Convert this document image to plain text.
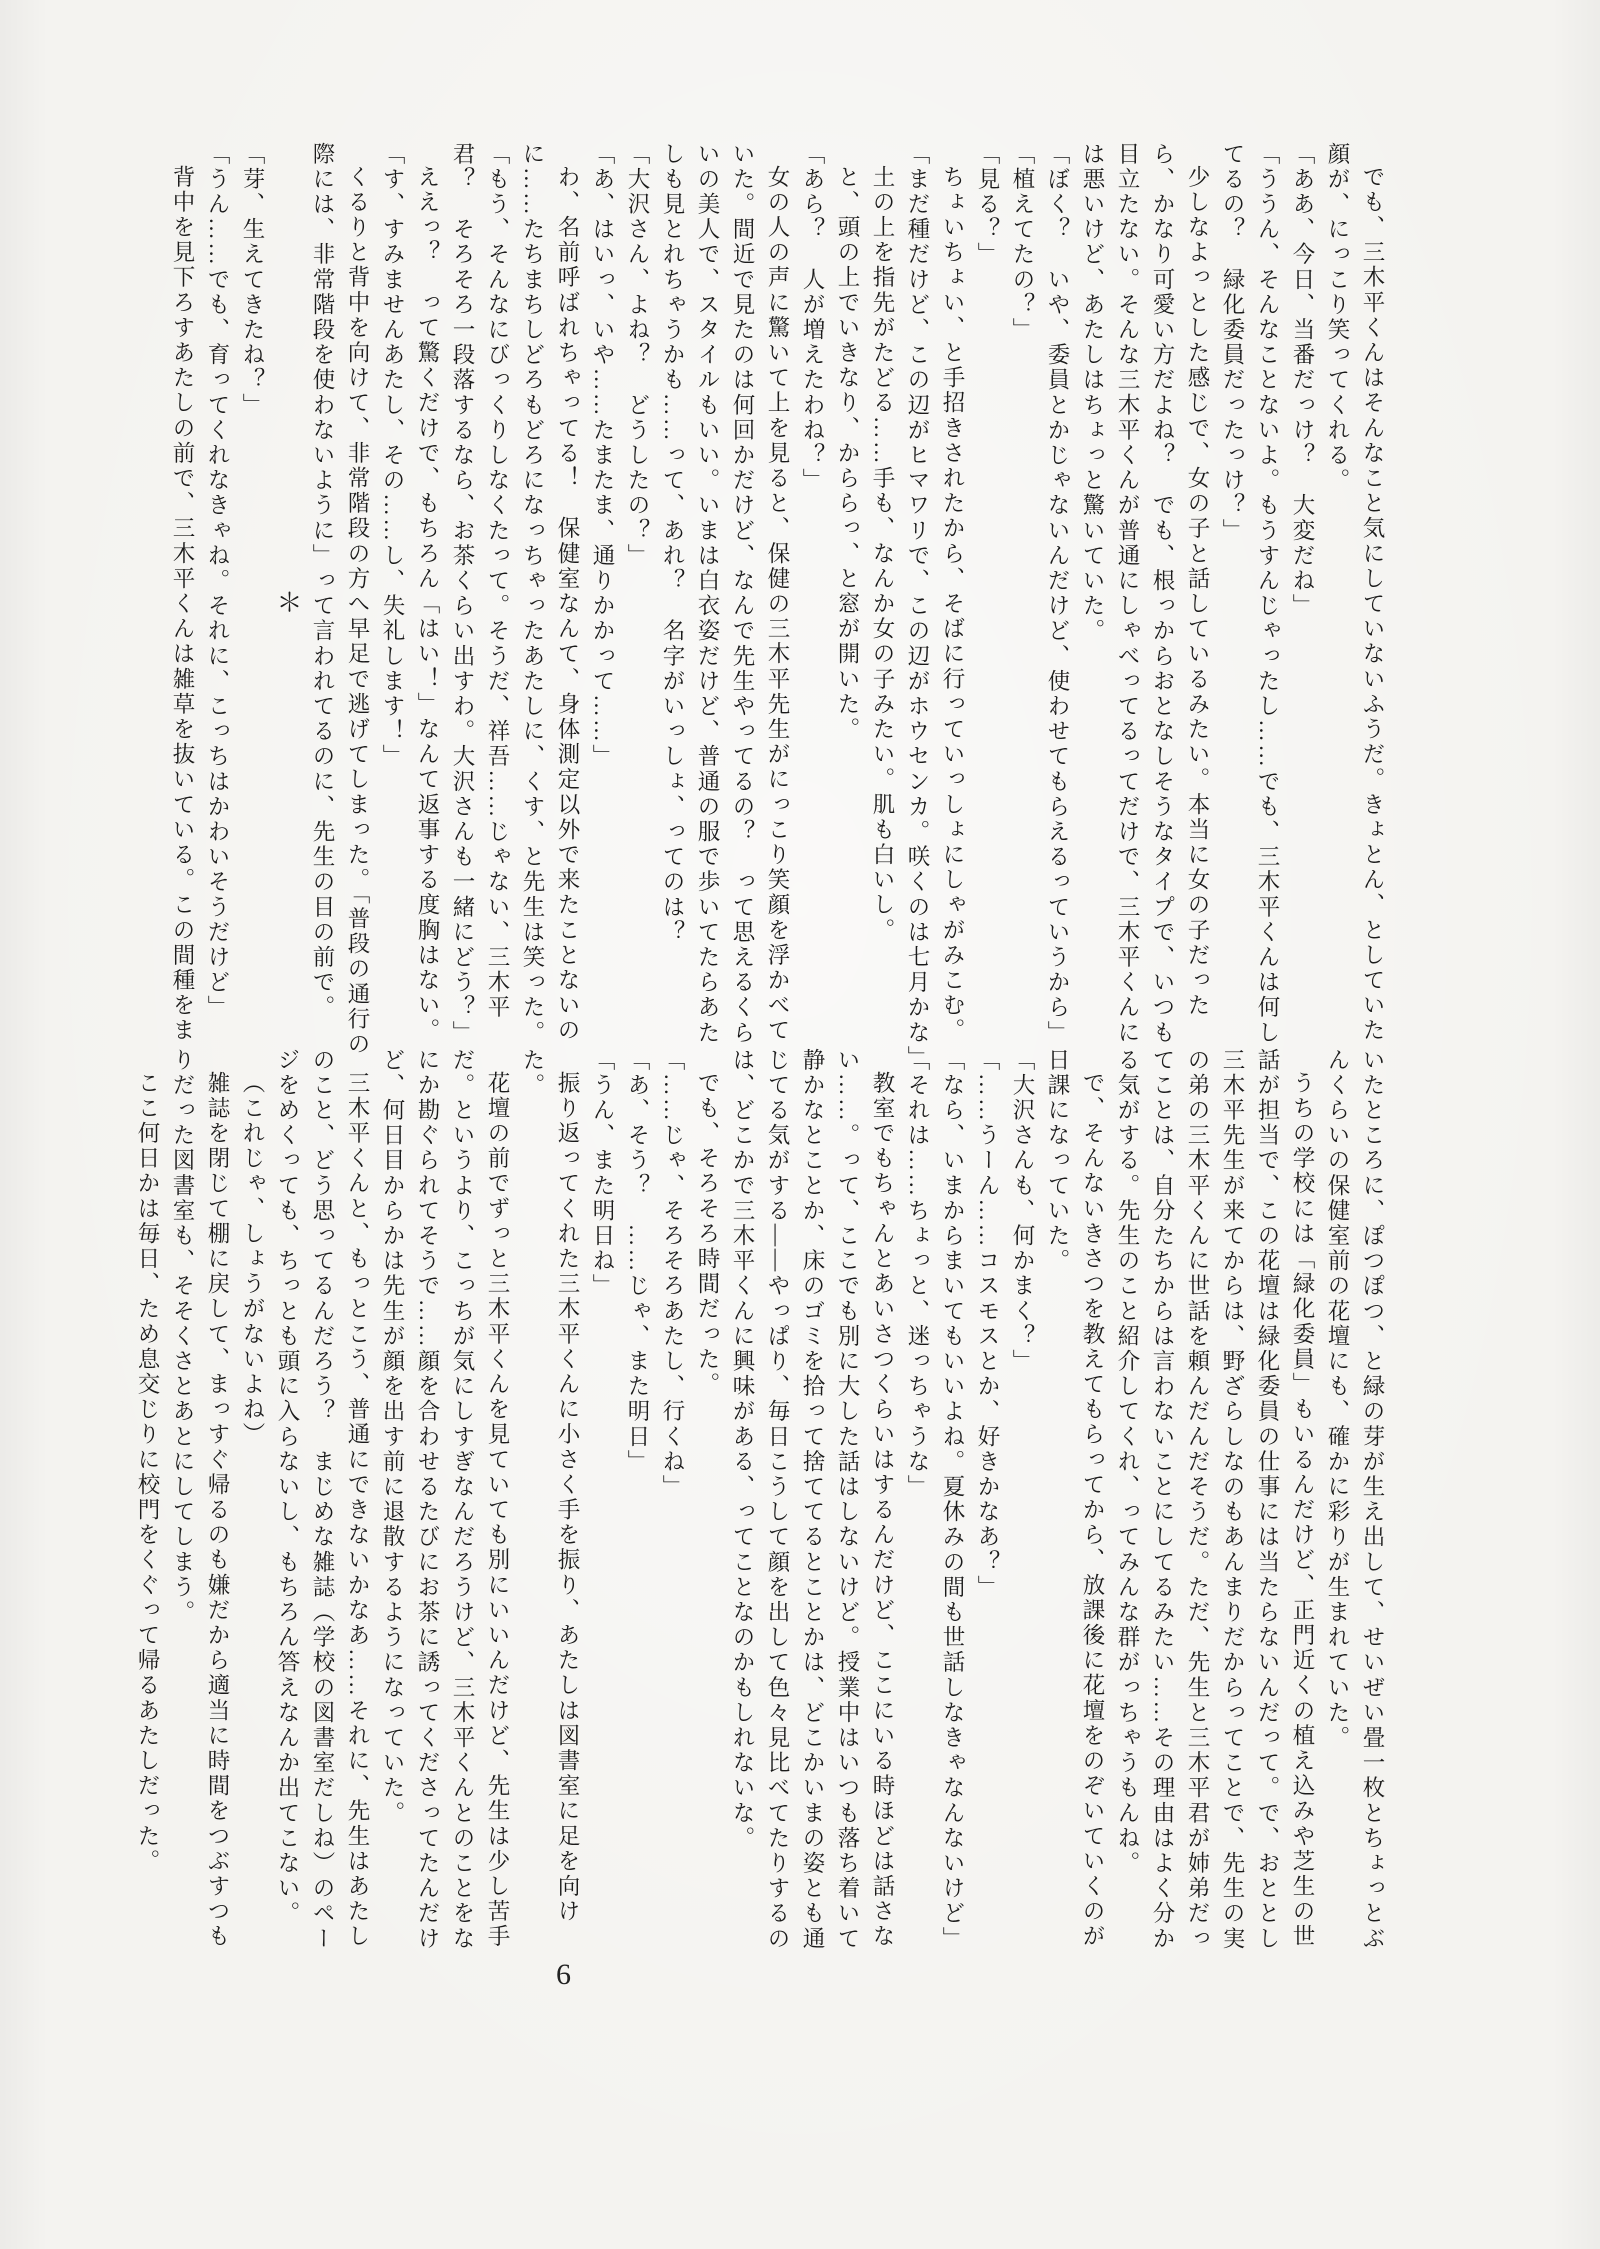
でも、三木平くんはそんなこと気にしていないふうだ。きょとん、としていた顔が、にっこり笑ってくれる。

「ああ、今日、当番だっけ？　大変だね」

「ううん、そんなことないよ。もうすんじゃったし……でも、三木平くんは何してるの？　緑化委員だったっけ？」

少しなよっとした感じで、女の子と話しているみたい。本当に女の子だったら、かなり可愛い方だよね？　でも、根っからおとなしそうなタイプで、いつも目立たない。そんな三木平くんが普通にしゃべってるってだけで、三木平くんには悪いけど、あたしはちょっと驚いていた。

「ぼく？　いや、委員とかじゃないんだけど、使わせてもらえるっていうから」

「植えてたの？」

「見る？」

ちょいちょい、と手招きされたから、そばに行っていっしょにしゃがみこむ。

「まだ種だけど、この辺がヒマワリで、この辺がホウセンカ。咲くのは七月かな」

土の上を指先がたどる……手も、なんか女の子みたい。肌も白いし。

と、頭の上でいきなり、かららっ、と窓が開いた。

「あら？　人が増えたわね？」

女の人の声に驚いて上を見ると、保健の三木平先生がにっこり笑顔を浮かべていた。間近で見たのは何回かだけど、なんで先生やってるの？　って思えるくらいの美人で、スタイルもいい。いまは白衣姿だけど、普通の服で歩いてたらあたしも見とれちゃうかも……って、あれ？　名字がいっしょ、ってのは？

「大沢さん、よね？　どうしたの？」

「あ、はいっ、いや……たまたま、通りかかって……」

わ、名前呼ばれちゃってる！　保健室なんて、身体測定以外で来たことないのに……たちまちしどろもどろになっちゃったあたしに、くす、と先生は笑った。

「もう、そんなにびっくりしなくたって。そうだ、祥吾……じゃない、三木平君？　そろそろ一段落するなら、お茶くらい出すわ。大沢さんも一緒にどう？」

ええっ？　って驚くだけで、もちろん「はい！」なんて返事する度胸はない。

「す、すみませんあたし、その……し、失礼します！」

くるりと背中を向けて、非常階段の方へ早足で逃げてしまった。「普段の通行の際には、非常階段を使わないように」って言われてるのに、先生の目の前で。

＊

「芽、生えてきたね？」

「うん……でも、育ってくれなきゃね。それに、こっちはかわいそうだけど」

背中を見下ろすあたしの前で、三木平くんは雑草を抜いている。この間種をま

いたところに、ぽつぽつ、と緑の芽が生え出して、せいぜい畳一枚とちょっとぶんくらいの保健室前の花壇にも、確かに彩りが生まれていた。

うちの学校には「緑化委員」もいるんだけど、正門近くの植え込みや芝生の世話が担当で、この花壇は緑化委員の仕事には当たらないんだって。で、おととし三木平先生が来てからは、野ざらしなのもあんまりだからってことで、先生の実の弟の三木平くんに世話を頼んだんだそうだ。ただ、先生と三木平君が姉弟だってことは、自分たちからは言わないことにしてるみたい……その理由はよく分かる気がする。先生のこと紹介してくれ、ってみんな群がっちゃうもんね。

で、そんないきさつを教えてもらってから、放課後に花壇をのぞいていくのが日課になっていた。

「大沢さんも、何かまく？」

「……うーん……コスモスとか、好きかなあ？」

「なら、いまからまいてもいいよね。夏休みの間も世話しなきゃなんないけど」

「それは……ちょっと、迷っちゃうな」

教室でもちゃんとあいさつくらいはするんだけど、ここにいる時ほどは話さない……。って、ここでも別に大した話はしないけど。授業中はいつも落ち着いて静かなとことか、床のゴミを拾って捨ててるとことかは、どこかいまの姿とも通じてる気がする――やっぱり、毎日こうして顔を出して色々見比べてたりするのは、どこかで三木平くんに興味がある、ってことなのかもしれないな。

でも、そろそろ時間だった。

「……じゃ、そろそろあたし、行くね」

「あ、そう？　……じゃ、また明日」

「うん、また明日ね」

振り返ってくれた三木平くんに小さく手を振り、あたしは図書室に足を向けた。

花壇の前でずっと三木平くんを見ていても別にいいんだけど、先生は少し苦手だ。というより、こっちが気にしすぎなんだろうけど、三木平くんとのことをなにか勘ぐられてそうで……顔を合わせるたびにお茶に誘ってくださってたんだけど、何日目からかは先生が顔を出す前に退散するようになっていた。

三木平くんと、もっとこう、普通にできないかなあ……それに、先生はあたしのこと、どう思ってるんだろう？　まじめな雑誌（学校の図書室だしね）のページをめくっても、ちっとも頭に入らないし、もちろん答えなんか出てこない。

（これじゃ、しょうがないよね）

雑誌を閉じて棚に戻して、まっすぐ帰るのも嫌だから適当に時間をつぶすつもりだった図書室も、そそくさとあとにしてしまう。

ここ何日かは毎日、ため息交じりに校門をくぐって帰るあたしだった。

6
